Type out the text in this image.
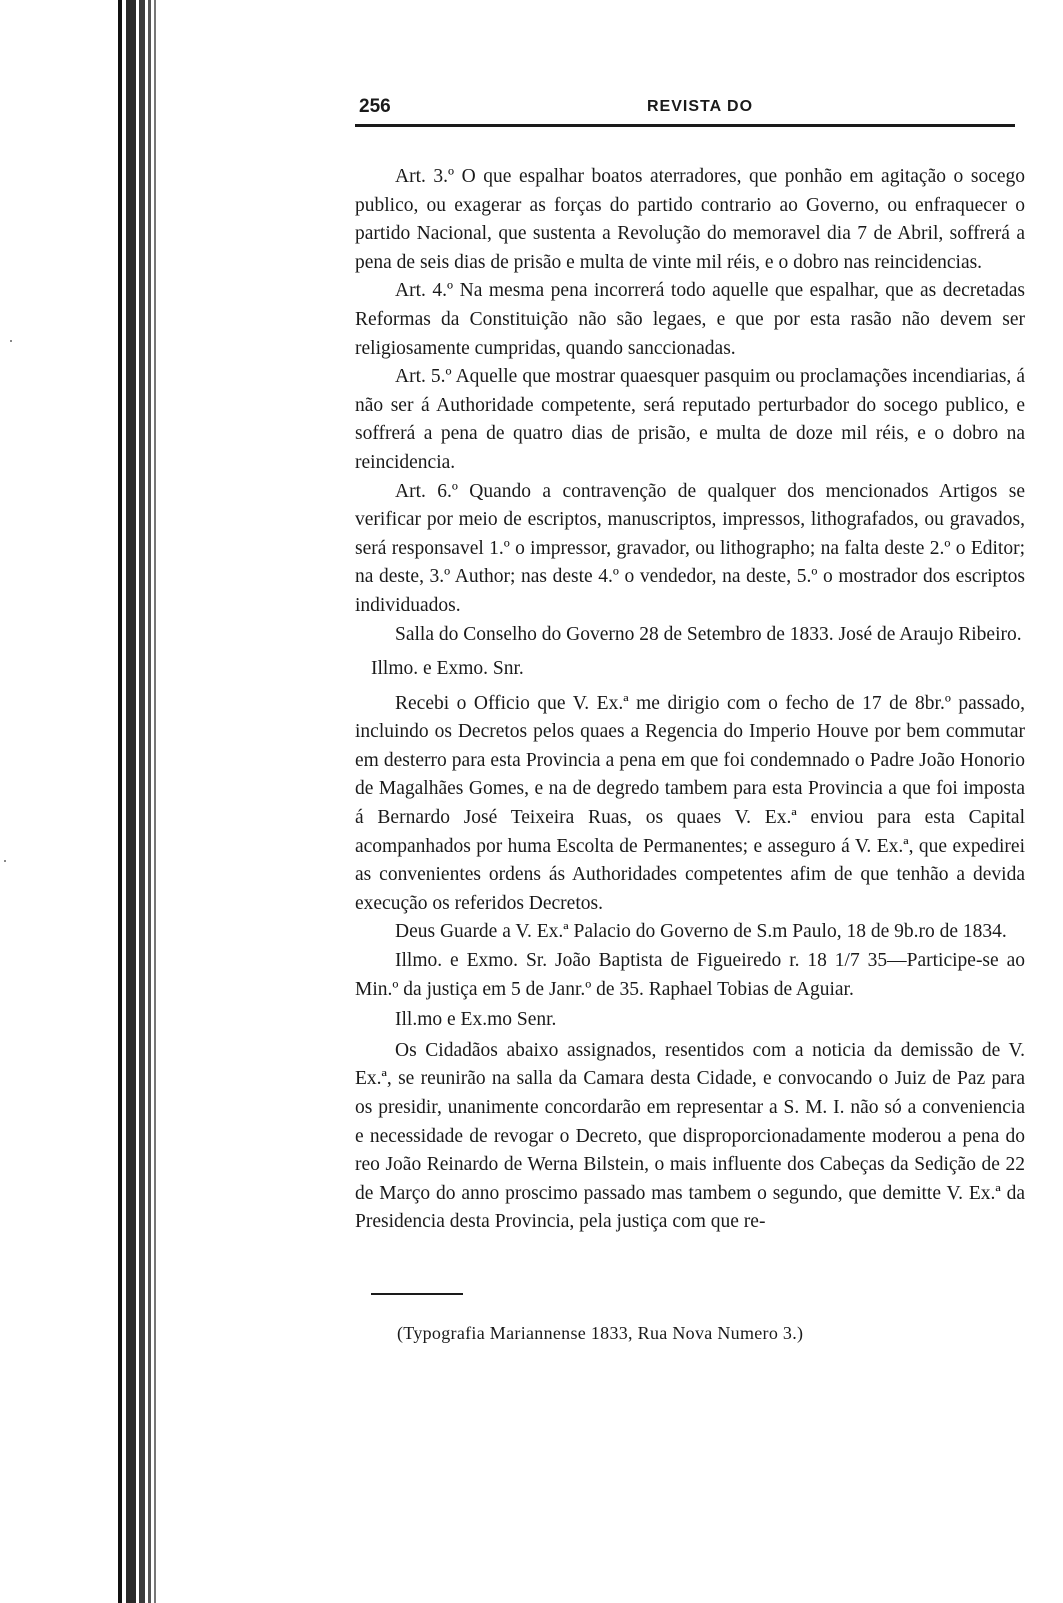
256	REVISTA DO

Art. 3.º O que espalhar boatos aterradores, que ponhão em agitação o socego publico, ou exagerar as forças do partido contrario ao Governo, ou enfraquecer o partido Nacional, que sustenta a Revolução do memoravel dia 7 de Abril, soffrerá a pena de seis dias de prisão e multa de vinte mil réis, e o dobro nas reincidencias.

Art. 4.º Na mesma pena incorrerá todo aquelle que espalhar, que as decretadas Reformas da Constituição não são legaes, e que por esta rasão não devem ser religiosamente cumpridas, quando sanccionadas.

Art. 5.º Aquelle que mostrar quaesquer pasquim ou proclamações incendiarias, á não ser á Authoridade competente, será reputado perturbador do socego publico, e soffrerá a pena de quatro dias de prisão, e multa de doze mil réis, e o dobro na reincidencia.

Art. 6.º Quando a contravenção de qualquer dos mencionados Artigos se verificar por meio de escriptos, manuscriptos, impressos, lithografados, ou gravados, será responsavel 1.º o impressor, gravador, ou lithographo; na falta deste 2.º o Editor; na deste, 3.º Author; nas deste 4.º o vendedor, na deste, 5.º o mostrador dos escriptos individuados.

Salla do Conselho do Governo 28 de Setembro de 1833. José de Araujo Ribeiro.

Illmo. e Exmo. Snr.

Recebi o Officio que V. Ex.ª me dirigio com o fecho de 17 de 8br.º passado, incluindo os Decretos pelos quaes a Regencia do Imperio Houve por bem commutar em desterro para esta Provincia a pena em que foi condemnado o Padre João Honorio de Magalhães Gomes, e na de degredo tambem para esta Provincia a que foi imposta á Bernardo José Teixeira Ruas, os quaes V. Ex.ª enviou para esta Capital acompanhados por huma Escolta de Permanentes; e asseguro á V. Ex.ª, que expedirei as convenientes ordens ás Authoridades competentes afim de que tenhão a devida execução os referidos Decretos.

Deus Guarde a V. Ex.ª Palacio do Governo de S.m Paulo, 18 de 9b.ro de 1834.

Illmo. e Exmo. Sr. João Baptista de Figueiredo r. 18 1/7 35—Participe-se ao Min.º da justiça em 5 de Janr.º de 35. Raphael Tobias de Aguiar.

Ill.mo e Ex.mo Senr.

Os Cidadãos abaixo assignados, resentidos com a noticia da demissão de V. Ex.ª, se reunirão na salla da Camara desta Cidade, e convocando o Juiz de Paz para os presidir, unanimente concordarão em representar a S. M. I. não só a conveniencia e necessidade de revogar o Decreto, que disproporcionadamente moderou a pena do reo João Reinardo de Werna Bilstein, o mais influente dos Cabeças da Sedição de 22 de Março do anno proscimo passado mas tambem o segundo, que demitte V. Ex.ª da Presidencia desta Provincia, pela justiça com que re-

(Typografia Mariannense 1833, Rua Nova Numero 3.)
